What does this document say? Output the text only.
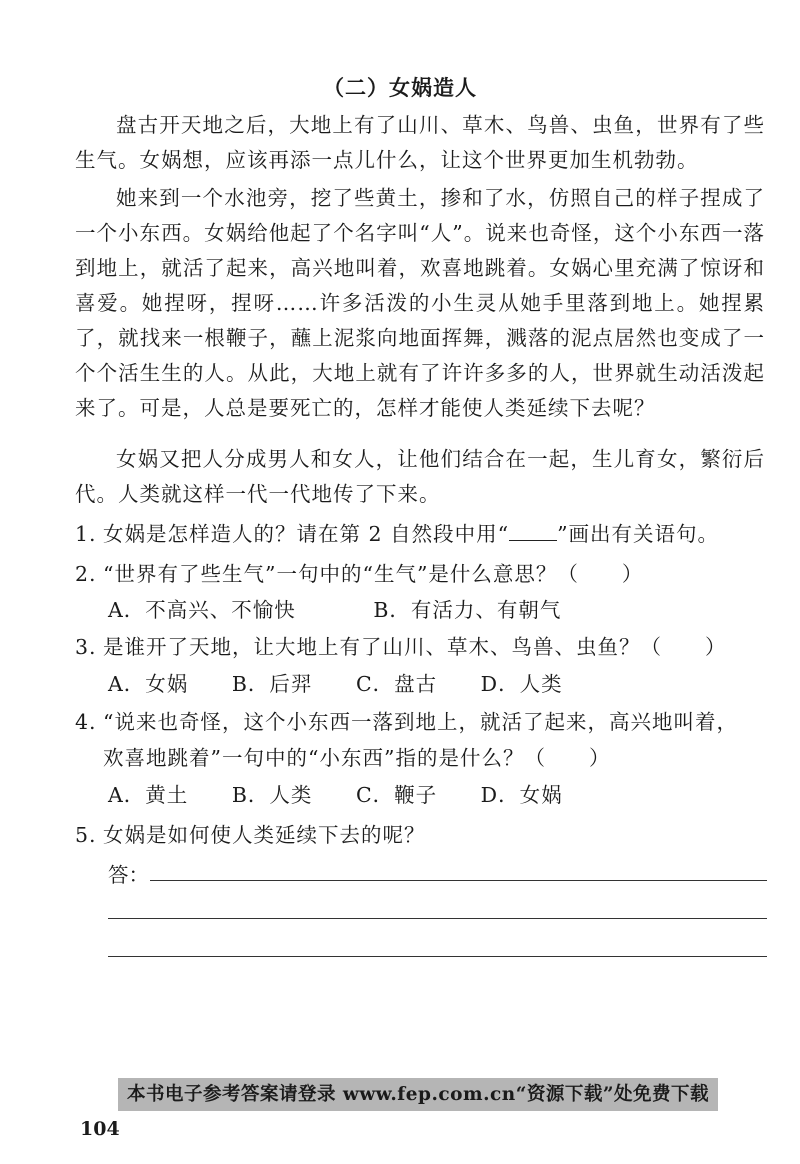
（二）女娲造人

盘古开天地之后，大地上有了山川、草木、鸟兽、虫鱼，世界有了些生气。女娲想，应该再添一点儿什么，让这个世界更加生机勃勃。

她来到一个水池旁，挖了些黄土，掺和了水，仿照自己的样子捏成了一个小东西。女娲给他起了个名字叫“人”。说来也奇怪，这个小东西一落到地上，就活了起来，高兴地叫着，欢喜地跳着。女娲心里充满了惊讶和喜爱。她捏呀，捏呀……许多活泼的小生灵从她手里落到地上。她捏累了，就找来一根鞭子，蘸上泥浆向地面挥舞，溅落的泥点居然也变成了一个个活生生的人。从此，大地上就有了许许多多的人，世界就生动活泼起来了。可是，人总是要死亡的，怎样才能使人类延续下去呢？

女娲又把人分成男人和女人，让他们结合在一起，生儿育女，繁衍后代。人类就这样一代一代地传了下来。

1. 女娲是怎样造人的？请在第 2 自然段中用“ ”画出有关语句。

2. “世界有了些生气”一句中的“生气”是什么意思？（　　）

A．不高兴、不愉快	B．有活力、有朝气

3. 是谁开了天地，让大地上有了山川、草木、鸟兽、虫鱼？（　　）

A．女娲 B．后羿 C．盘古 D．人类

4. “说来也奇怪，这个小东西一落到地上，就活了起来，高兴地叫着，

欢喜地跳着”一句中的“小东西”指的是什么？（　　）

A．黄土 B．人类 C．鞭子 D．女娲

5. 女娲是如何使人类延续下去的呢？

答：
本书电子参考答案请登录 www.fep.com.cn“资源下载”处免费下载
104
